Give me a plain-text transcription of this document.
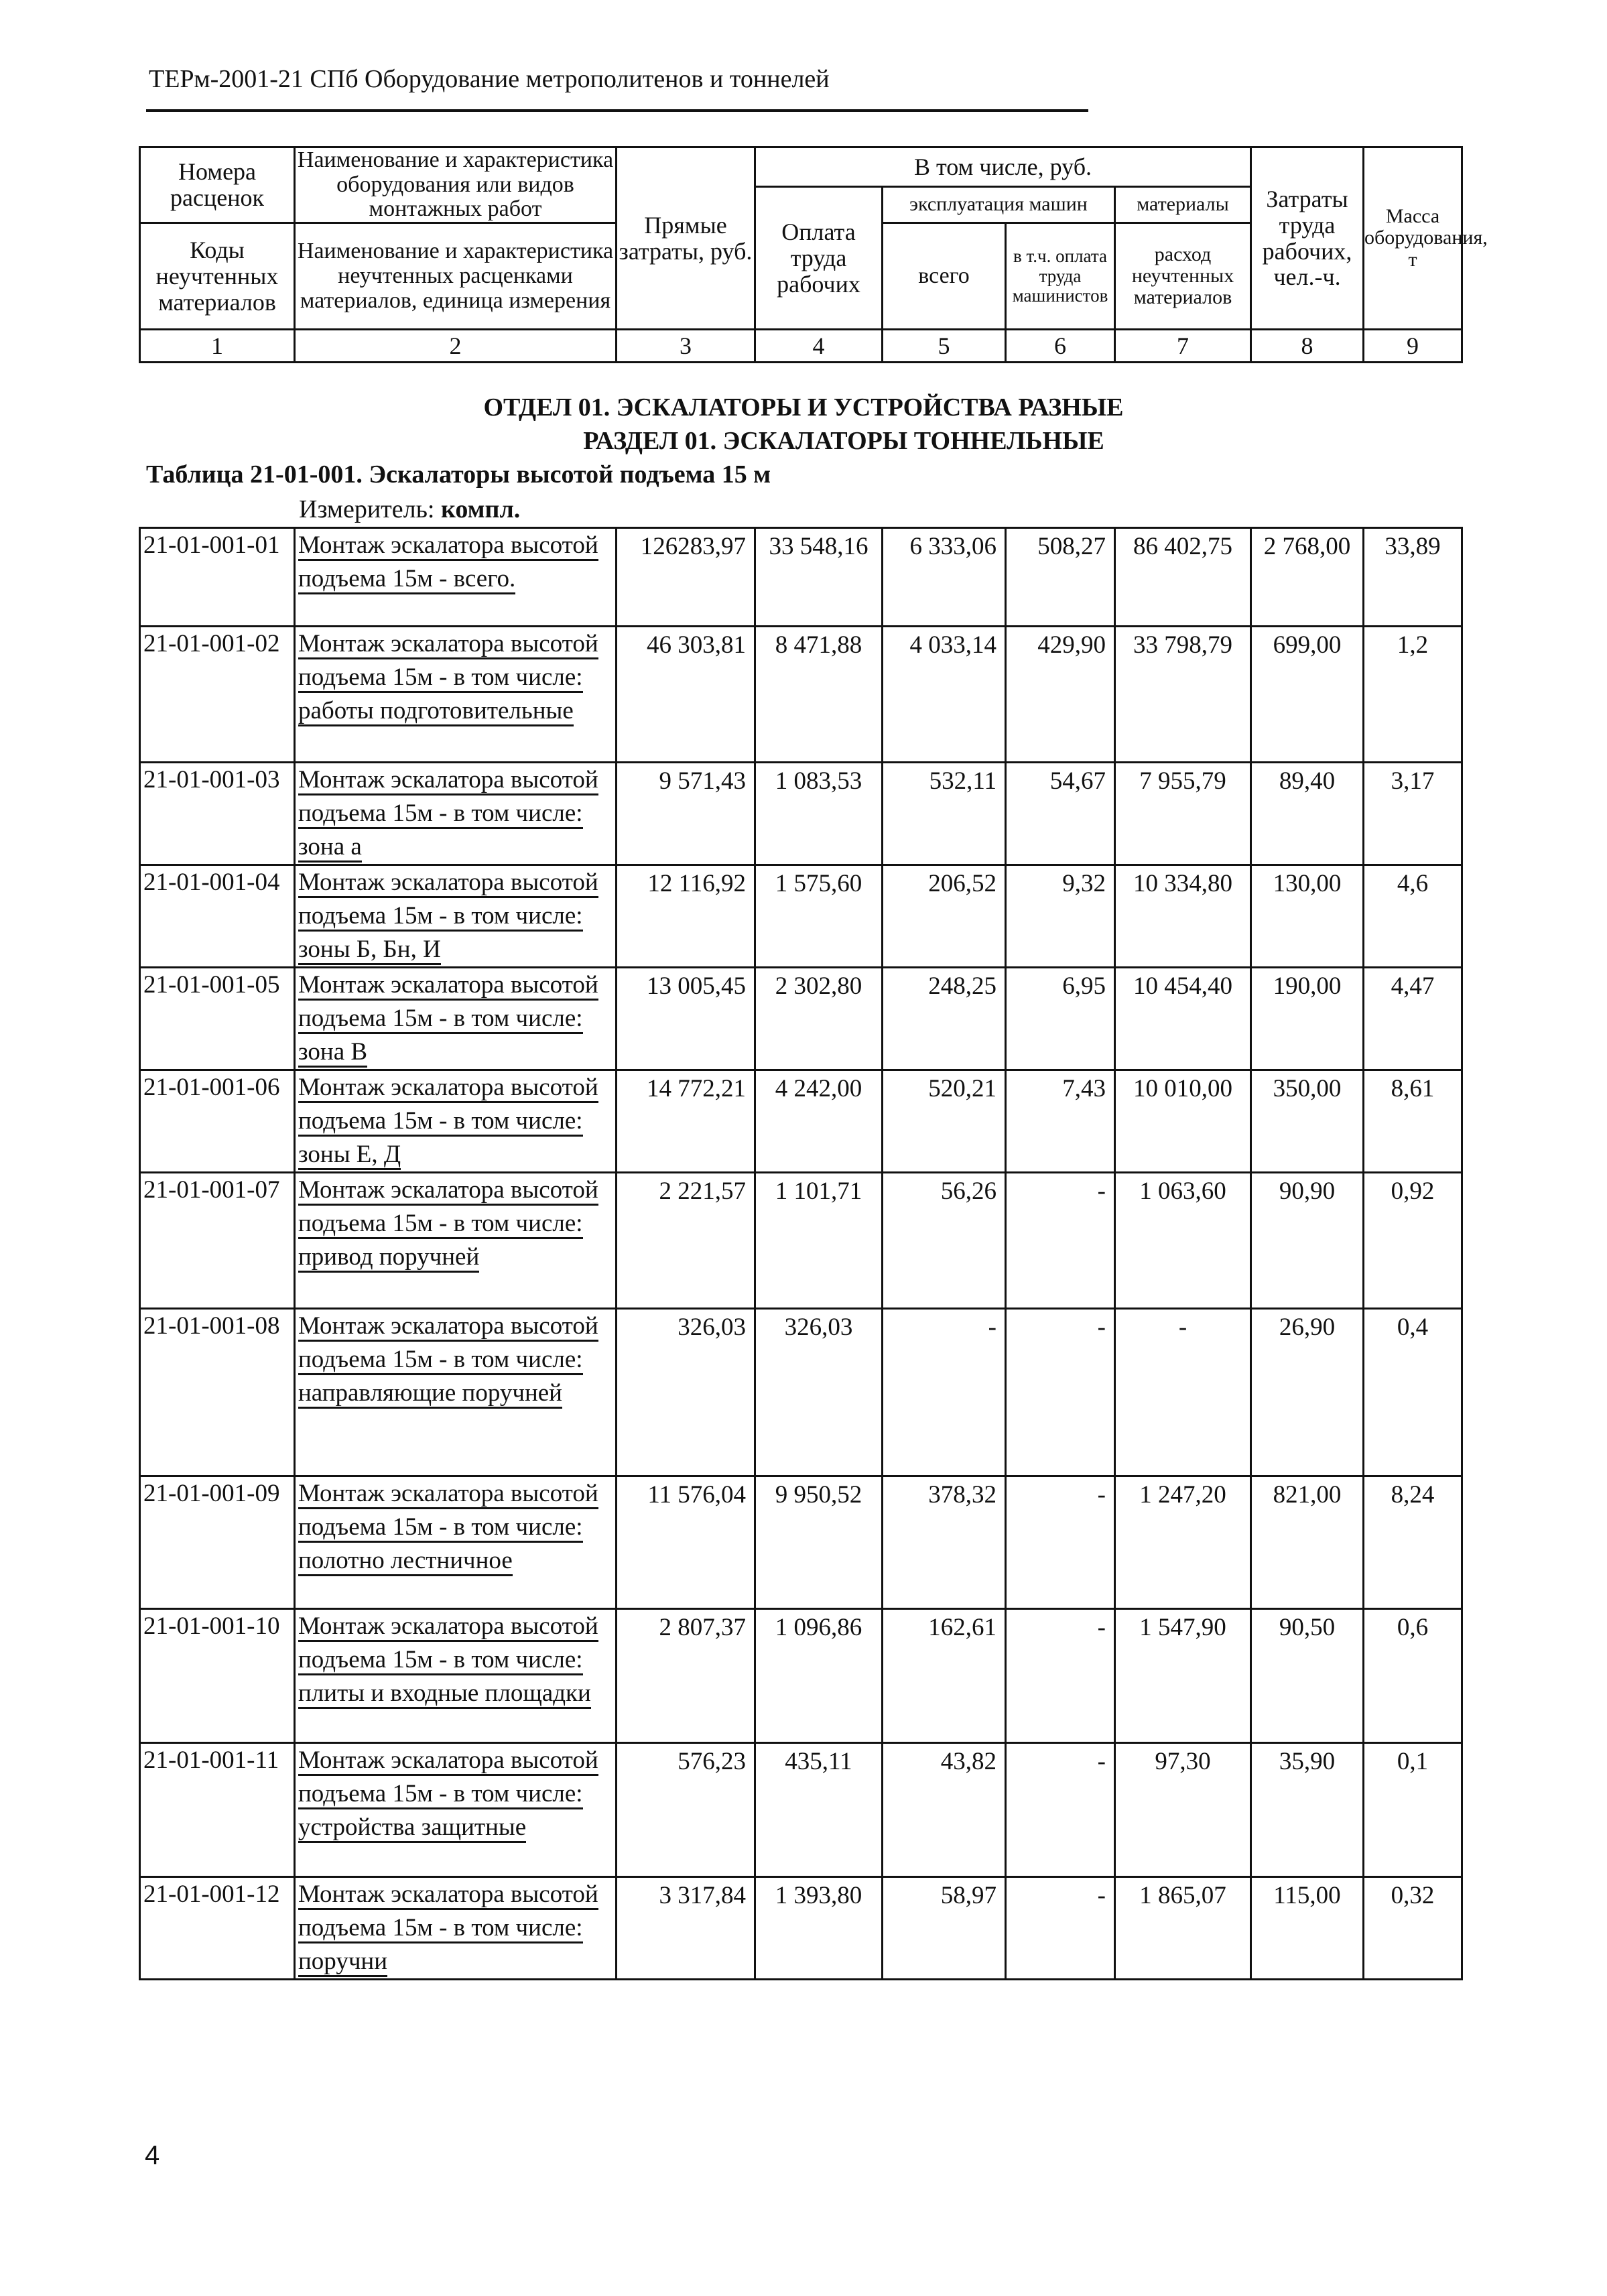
ТЕРм-2001-21 СПб Оборудование метрополитенов и тоннелей
Номера расценок	Наименование и характеристика оборудования или видов монтажных работ	Прямые затраты, руб.	В том числе, руб.				Затраты труда рабочих, чел.-ч.	Масса оборудования, т
			Оплата труда рабочих	эксплуатация машин		материалы		
Коды неучтенных материалов	Наименование и характеристика неучтенных расценками материалов, единица измерения			всего	в т.ч. оплата труда машинистов	расход неучтенных материалов		

1	2	3	4	5	6	7	8	9
ОТДЕЛ 01. ЭСКАЛАТОРЫ И УСТРОЙСТВА РАЗНЫЕ
РАЗДЕЛ 01. ЭСКАЛАТОРЫ ТОННЕЛЬНЫЕ
Таблица 21-01-001. Эскалаторы высотой подъема 15 м
Измеритель: компл.
21-01-001-01	Монтаж эскалатора высотой подъема 15м - всего.	126283,97	33 548,16	6 333,06	508,27	86 402,75	2 768,00	33,89
21-01-001-02	Монтаж эскалатора высотой подъема 15м - в том числе: работы подготовительные	46 303,81	8 471,88	4 033,14	429,90	33 798,79	699,00	1,2
21-01-001-03	Монтаж эскалатора высотой подъема 15м - в том числе: зона а	9 571,43	1 083,53	532,11	54,67	7 955,79	89,40	3,17
21-01-001-04	Монтаж эскалатора высотой подъема 15м - в том числе: зоны Б, Бн, И	12 116,92	1 575,60	206,52	9,32	10 334,80	130,00	4,6
21-01-001-05	Монтаж эскалатора высотой подъема 15м - в том числе: зона В	13 005,45	2 302,80	248,25	6,95	10 454,40	190,00	4,47
21-01-001-06	Монтаж эскалатора высотой подъема 15м - в том числе: зоны Е, Д	14 772,21	4 242,00	520,21	7,43	10 010,00	350,00	8,61
21-01-001-07	Монтаж эскалатора высотой подъема 15м - в том числе: привод поручней	2 221,57	1 101,71	56,26	-	1 063,60	90,90	0,92
21-01-001-08	Монтаж эскалатора высотой подъема 15м - в том числе: направляющие поручней	326,03	326,03	-	-	-	26,90	0,4
21-01-001-09	Монтаж эскалатора высотой подъема 15м - в том числе: полотно лестничное	11 576,04	9 950,52	378,32	-	1 247,20	821,00	8,24
21-01-001-10	Монтаж эскалатора высотой подъема 15м - в том числе: плиты и входные площадки	2 807,37	1 096,86	162,61	-	1 547,90	90,50	0,6
21-01-001-11	Монтаж эскалатора высотой подъема 15м - в том числе: устройства защитные	576,23	435,11	43,82	-	97,30	35,90	0,1
21-01-001-12	Монтаж эскалатора высотой подъема 15м - в том числе: поручни	3 317,84	1 393,80	58,97	-	1 865,07	115,00	0,32
4
